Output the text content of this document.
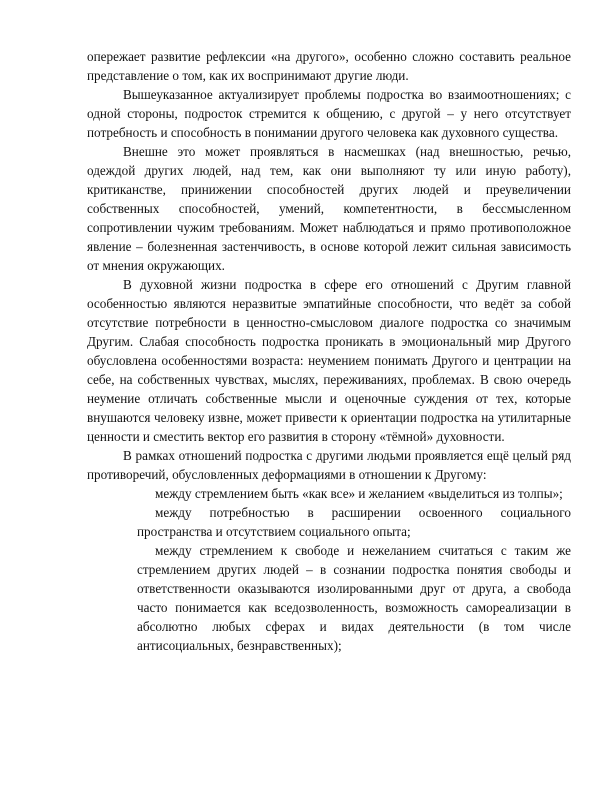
опережает развитие рефлексии «на другого», особенно сложно составить реальное представление о том, как их воспринимают другие люди.

Вышеуказанное актуализирует проблемы подростка во взаимоотношениях; с одной стороны, подросток стремится к общению, с другой – у него отсутствует потребность и способность в понимании другого человека как духовного существа.

Внешне это может проявляться в насмешках (над внешностью, речью, одеждой других людей, над тем, как они выполняют ту или иную работу), критиканстве, принижении способностей других людей и преувеличении собственных способностей, умений, компетентности, в бессмысленном сопротивлении чужим требованиям. Может наблюдаться и прямо противоположное явление – болезненная застенчивость, в основе которой лежит сильная зависимость от мнения окружающих.

В духовной жизни подростка в сфере его отношений с Другим главной особенностью являются неразвитые эмпатийные способности, что ведёт за собой отсутствие потребности в ценностно-смысловом диалоге подростка со значимым Другим. Слабая способность подростка проникать в эмоциональный мир Другого обусловлена особенностями возраста: неумением понимать Другого и центрации на себе, на собственных чувствах, мыслях, переживаниях, проблемах. В свою очередь неумение отличать собственные мысли и оценочные суждения от тех, которые внушаются человеку извне, может привести к ориентации подростка на утилитарные ценности и сместить вектор его развития в сторону «тёмной» духовности.

В рамках отношений подростка с другими людьми проявляется ещё целый ряд противоречий, обусловленных деформациями в отношении к Другому:

между стремлением быть «как все» и желанием «выделиться из толпы»;

между потребностью в расширении освоенного социального пространства и отсутствием социального опыта;

между стремлением к свободе и нежеланием считаться с таким же стремлением других людей – в сознании подростка понятия свободы и ответственности оказываются изолированными друг от друга, а свобода часто понимается как вседозволенность, возможность самореализации в абсолютно любых сферах и видах деятельности (в том числе антисоциальных, безнравственных);
